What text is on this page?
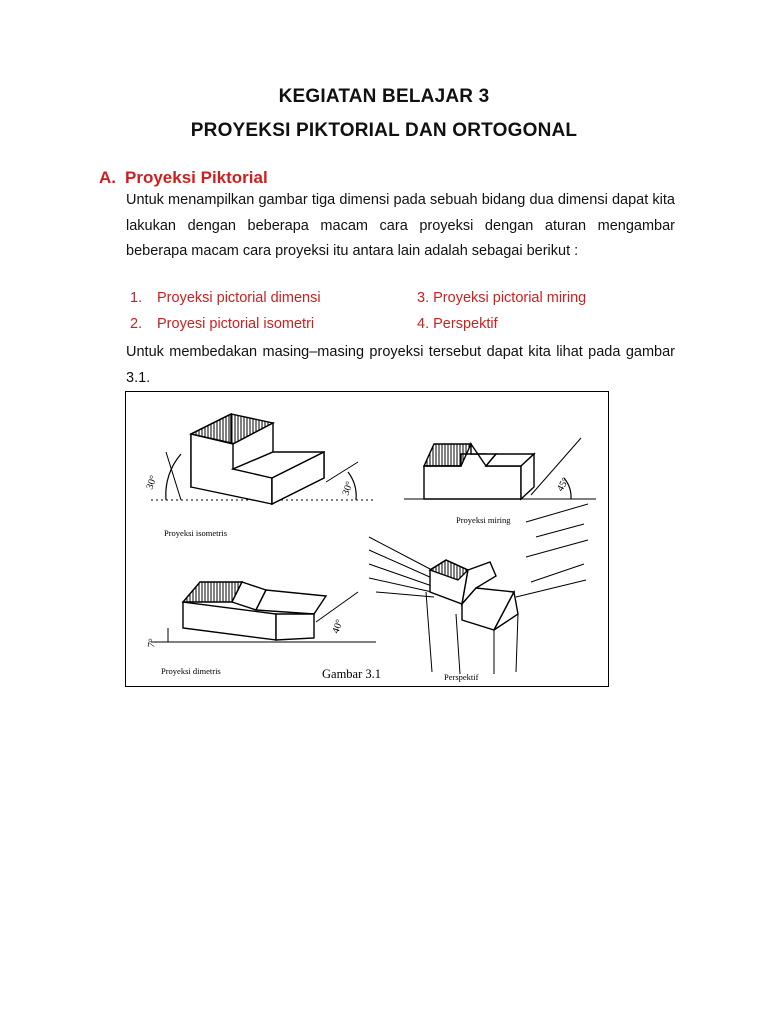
KEGIATAN BELAJAR 3
PROYEKSI PIKTORIAL DAN ORTOGONAL
A. Proyeksi Piktorial
Untuk menampilkan gambar tiga dimensi pada sebuah bidang dua dimensi dapat kita lakukan dengan beberapa macam cara proyeksi dengan aturan mengambar beberapa macam cara proyeksi itu antara lain adalah sebagai berikut :
1. Proyeksi pictorial dimensi	3. Proyeksi pictorial miring
2. Proyesi pictorial isometri	4. Perspektif
Untuk membedakan masing–masing proyeksi tersebut dapat kita lihat pada gambar 3.1.
30°	30°
Proyeksi isometris
45°
Proyeksi miring
7°
40°
Proyeksi dimetris
Perspektif
Gambar 3.1
